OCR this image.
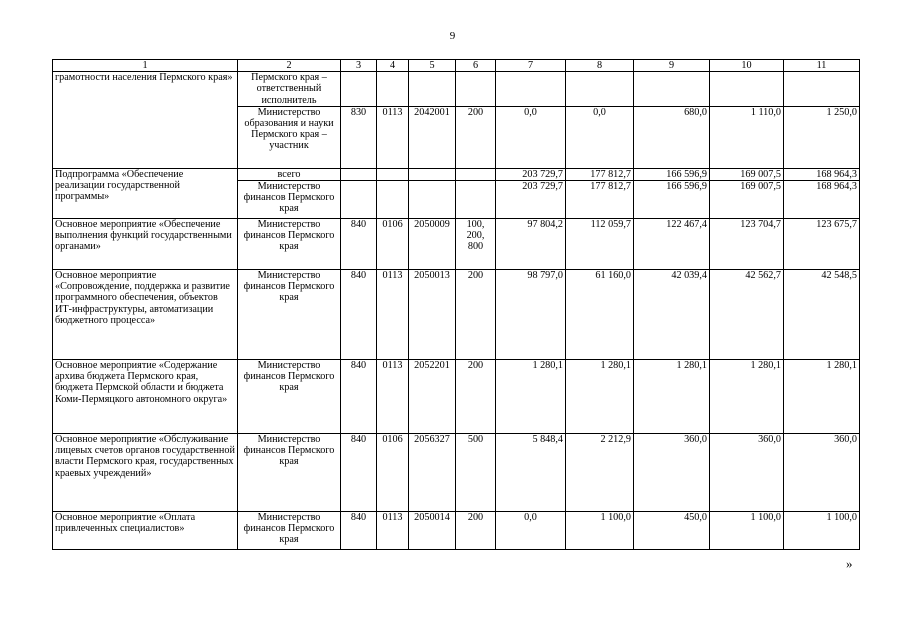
9
1	2	3	4	5	6	7	8	9	10	11
грамотности населения Пермского края»	Пермского края – ответственный исполнитель									
	Министерство образования и науки Пермского края – участник	830	0113	2042001	200	0,0	0,0	680,0	1 110,0	1 250,0
Подпрограмма «Обеспечение реализации государственной программы»	всего					203 729,7	177 812,7	166 596,9	169 007,5	168 964,3
	Министерство финансов Пермского края					203 729,7	177 812,7	166 596,9	169 007,5	168 964,3
Основное мероприятие «Обеспечение выполнения функций государственными органами»	Министерство финансов Пермского края	840	0106	2050009	100, 200, 800	97 804,2	112 059,7	122 467,4	123 704,7	123 675,7
Основное мероприятие «Сопровождение, поддержка и развитие программного обеспечения, объектов ИТ-инфраструктуры, автоматизации бюджетного процесса»	Министерство финансов Пермского края	840	0113	2050013	200	98 797,0	61 160,0	42 039,4	42 562,7	42 548,5
Основное мероприятие «Содержание архива бюджета Пермского края, бюджета Пермской области и бюджета Коми-Пермяцкого автономного округа»	Министерство финансов Пермского края	840	0113	2052201	200	1 280,1	1 280,1	1 280,1	1 280,1	1 280,1
Основное мероприятие «Обслуживание лицевых счетов органов государственной власти Пермского края, государственных краевых учреждений»	Министерство финансов Пермского края	840	0106	2056327	500	5 848,4	2 212,9	360,0	360,0	360,0
Основное мероприятие «Оплата привлеченных специалистов»	Министерство финансов Пермского края	840	0113	2050014	200	0,0	1 100,0	450,0	1 100,0	1 100,0
»
